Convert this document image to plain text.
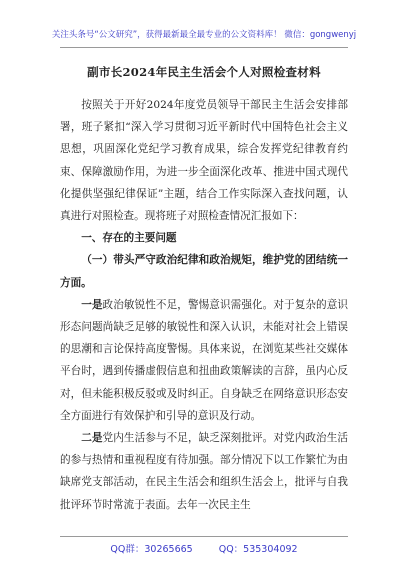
关注头条号“公文研究”，获得最新最全最专业的公文资料库！ 微信：gongwenyj
副市长2024年民主生活会个人对照检查材料

按照关于开好2024年度党员领导干部民主生活会安排部署，班子紧扣“深入学习贯彻习近平新时代中国特色社会主义思想，巩固深化党纪学习教育成果，综合发挥党纪律教育约束、保障激励作用，为进一步全面深化改革、推进中国式现代化提供坚强纪律保证”主题，结合工作实际深入查找问题，认真进行对照检查。现将班子对照检查情况汇报如下：

一、存在的主要问题

（一）带头严守政治纪律和政治规矩，维护党的团结统一方面。

一是政治敏锐性不足，警惕意识需强化。对于复杂的意识形态问题尚缺乏足够的敏锐性和深入认识，未能对社会上错误的思潮和言论保持高度警惕。具体来说，在浏览某些社交媒体平台时，遇到传播虚假信息和扭曲政策解读的言辞，虽内心反对，但未能积极反驳或及时纠正。自身缺乏在网络意识形态安全方面进行有效保护和引导的意识及行动。

二是党内生活参与不足，缺乏深刻批评。对党内政治生活的参与热情和重视程度有待加强。部分情况下以工作繁忙为由缺席党支部活动，在民主生活会和组织生活会上，批评与自我批评环节时常流于表面。去年一次民主生

QQ群：30265665	QQ：535304092
